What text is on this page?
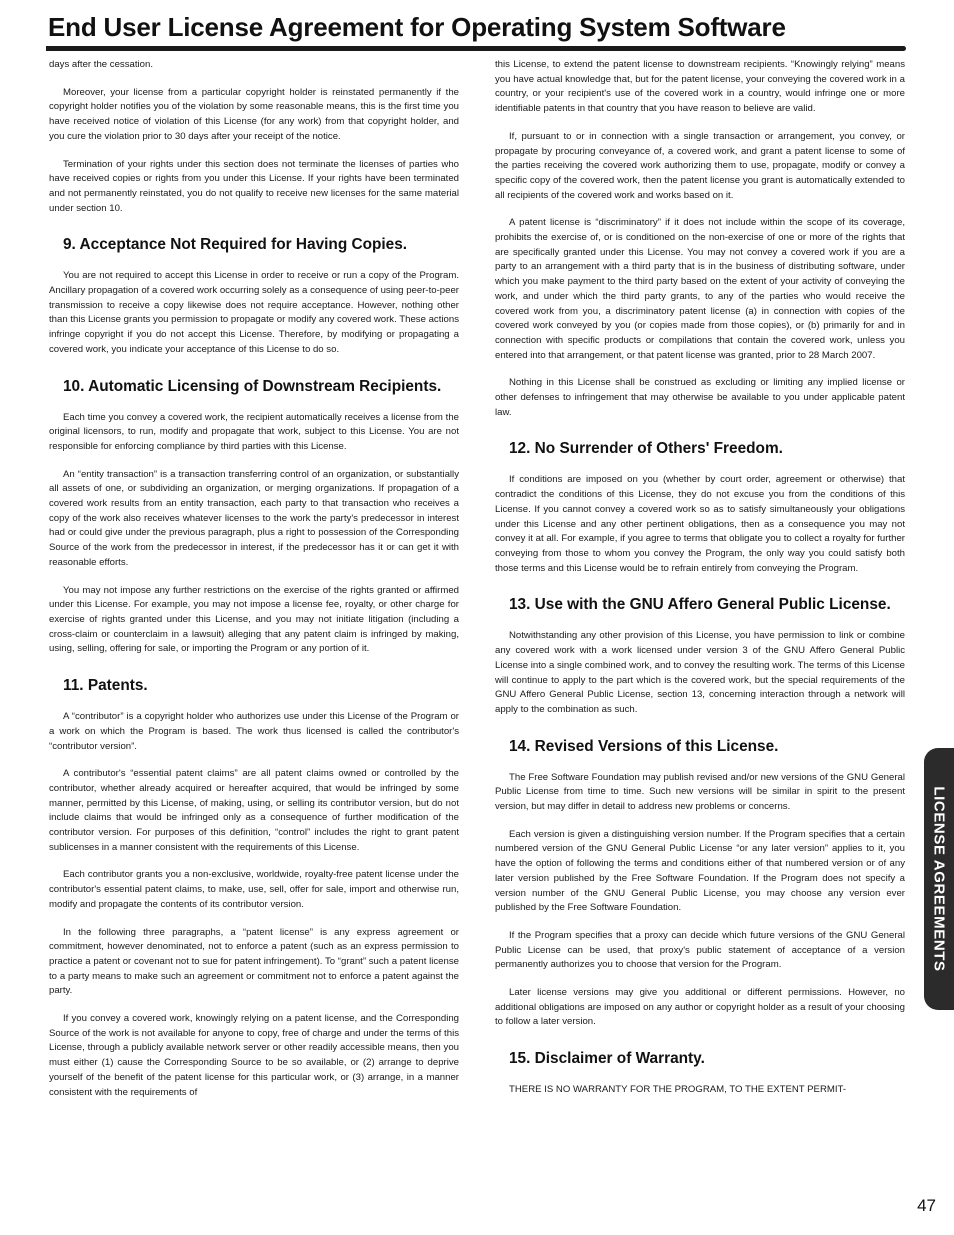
End User License Agreement for Operating System Software

days after the cessation.

Moreover, your license from a particular copyright holder is reinstated permanently if the copyright holder notifies you of the violation by some reasonable means, this is the first time you have received notice of violation of this License (for any work) from that copyright holder, and you cure the violation prior to 30 days after your receipt of the notice.

Termination of your rights under this section does not terminate the licenses of parties who have received copies or rights from you under this License. If your rights have been terminated and not permanently reinstated, you do not qualify to receive new licenses for the same material under section 10.

9. Acceptance Not Required for Having Copies.

You are not required to accept this License in order to receive or run a copy of the Program. Ancillary propagation of a covered work occurring solely as a consequence of using peer-to-peer transmission to receive a copy likewise does not require acceptance. However, nothing other than this License grants you permission to propagate or modify any covered work. These actions infringe copyright if you do not accept this License. Therefore, by modifying or propagating a covered work, you indicate your acceptance of this License to do so.

10. Automatic Licensing of Downstream Recipients.

Each time you convey a covered work, the recipient automatically receives a license from the original licensors, to run, modify and propagate that work, subject to this License. You are not responsible for enforcing compliance by third parties with this License.

An “entity transaction” is a transaction transferring control of an organization, or substantially all assets of one, or subdividing an organization, or merging organizations. If propagation of a covered work results from an entity transaction, each party to that transaction who receives a copy of the work also receives whatever licenses to the work the party's predecessor in interest had or could give under the previous paragraph, plus a right to possession of the Corresponding Source of the work from the predecessor in interest, if the predecessor has it or can get it with reasonable efforts.

You may not impose any further restrictions on the exercise of the rights granted or affirmed under this License. For example, you may not impose a license fee, royalty, or other charge for exercise of rights granted under this License, and you may not initiate litigation (including a cross-claim or counterclaim in a lawsuit) alleging that any patent claim is infringed by making, using, selling, offering for sale, or importing the Program or any portion of it.

11. Patents.

A “contributor” is a copyright holder who authorizes use under this License of the Program or a work on which the Program is based. The work thus licensed is called the contributor's “contributor version”.

A contributor's “essential patent claims” are all patent claims owned or controlled by the contributor, whether already acquired or hereafter acquired, that would be infringed by some manner, permitted by this License, of making, using, or selling its contributor version, but do not include claims that would be infringed only as a consequence of further modification of the contributor version. For purposes of this definition, “control” includes the right to grant patent sublicenses in a manner consistent with the requirements of this License.

Each contributor grants you a non-exclusive, worldwide, royalty-free patent license under the contributor's essential patent claims, to make, use, sell, offer for sale, import and otherwise run, modify and propagate the contents of its contributor version.

In the following three paragraphs, a “patent license” is any express agreement or commitment, however denominated, not to enforce a patent (such as an express permission to practice a patent or covenant not to sue for patent infringement). To “grant” such a patent license to a party means to make such an agreement or commitment not to enforce a patent against the party.

If you convey a covered work, knowingly relying on a patent license, and the Corresponding Source of the work is not available for anyone to copy, free of charge and under the terms of this License, through a publicly available network server or other readily accessible means, then you must either (1) cause the Corresponding Source to be so available, or (2) arrange to deprive yourself of the benefit of the patent license for this particular work, or (3) arrange, in a manner consistent with the requirements of

this License, to extend the patent license to downstream recipients. “Knowingly relying” means you have actual knowledge that, but for the patent license, your conveying the covered work in a country, or your recipient's use of the covered work in a country, would infringe one or more identifiable patents in that country that you have reason to believe are valid.

If, pursuant to or in connection with a single transaction or arrangement, you convey, or propagate by procuring conveyance of, a covered work, and grant a patent license to some of the parties receiving the covered work authorizing them to use, propagate, modify or convey a specific copy of the covered work, then the patent license you grant is automatically extended to all recipients of the covered work and works based on it.

A patent license is “discriminatory” if it does not include within the scope of its coverage, prohibits the exercise of, or is conditioned on the non-exercise of one or more of the rights that are specifically granted under this License. You may not convey a covered work if you are a party to an arrangement with a third party that is in the business of distributing software, under which you make payment to the third party based on the extent of your activity of conveying the work, and under which the third party grants, to any of the parties who would receive the covered work from you, a discriminatory patent license (a) in connection with copies of the covered work conveyed by you (or copies made from those copies), or (b) primarily for and in connection with specific products or compilations that contain the covered work, unless you entered into that arrangement, or that patent license was granted, prior to 28 March 2007.

Nothing in this License shall be construed as excluding or limiting any implied license or other defenses to infringement that may otherwise be available to you under applicable patent law.

12. No Surrender of Others' Freedom.

If conditions are imposed on you (whether by court order, agreement or otherwise) that contradict the conditions of this License, they do not excuse you from the conditions of this License. If you cannot convey a covered work so as to satisfy simultaneously your obligations under this License and any other pertinent obligations, then as a consequence you may not convey it at all. For example, if you agree to terms that obligate you to collect a royalty for further conveying from those to whom you convey the Program, the only way you could satisfy both those terms and this License would be to refrain entirely from conveying the Program.

13. Use with the GNU Affero General Public License.

Notwithstanding any other provision of this License, you have permission to link or combine any covered work with a work licensed under version 3 of the GNU Affero General Public License into a single combined work, and to convey the resulting work. The terms of this License will continue to apply to the part which is the covered work, but the special requirements of the GNU Affero General Public License, section 13, concerning interaction through a network will apply to the combination as such.

14. Revised Versions of this License.

The Free Software Foundation may publish revised and/or new versions of the GNU General Public License from time to time. Such new versions will be similar in spirit to the present version, but may differ in detail to address new problems or concerns.

Each version is given a distinguishing version number. If the Program specifies that a certain numbered version of the GNU General Public License “or any later version” applies to it, you have the option of following the terms and conditions either of that numbered version or of any later version published by the Free Software Foundation. If the Program does not specify a version number of the GNU General Public License, you may choose any version ever published by the Free Software Foundation.

If the Program specifies that a proxy can decide which future versions of the GNU General Public License can be used, that proxy's public statement of acceptance of a version permanently authorizes you to choose that version for the Program.

Later license versions may give you additional or different permissions. However, no additional obligations are imposed on any author or copyright holder as a result of your choosing to follow a later version.

15. Disclaimer of Warranty.

THERE IS NO WARRANTY FOR THE PROGRAM, TO THE EXTENT PERMIT-

LICENSE AGREEMENTS
47
